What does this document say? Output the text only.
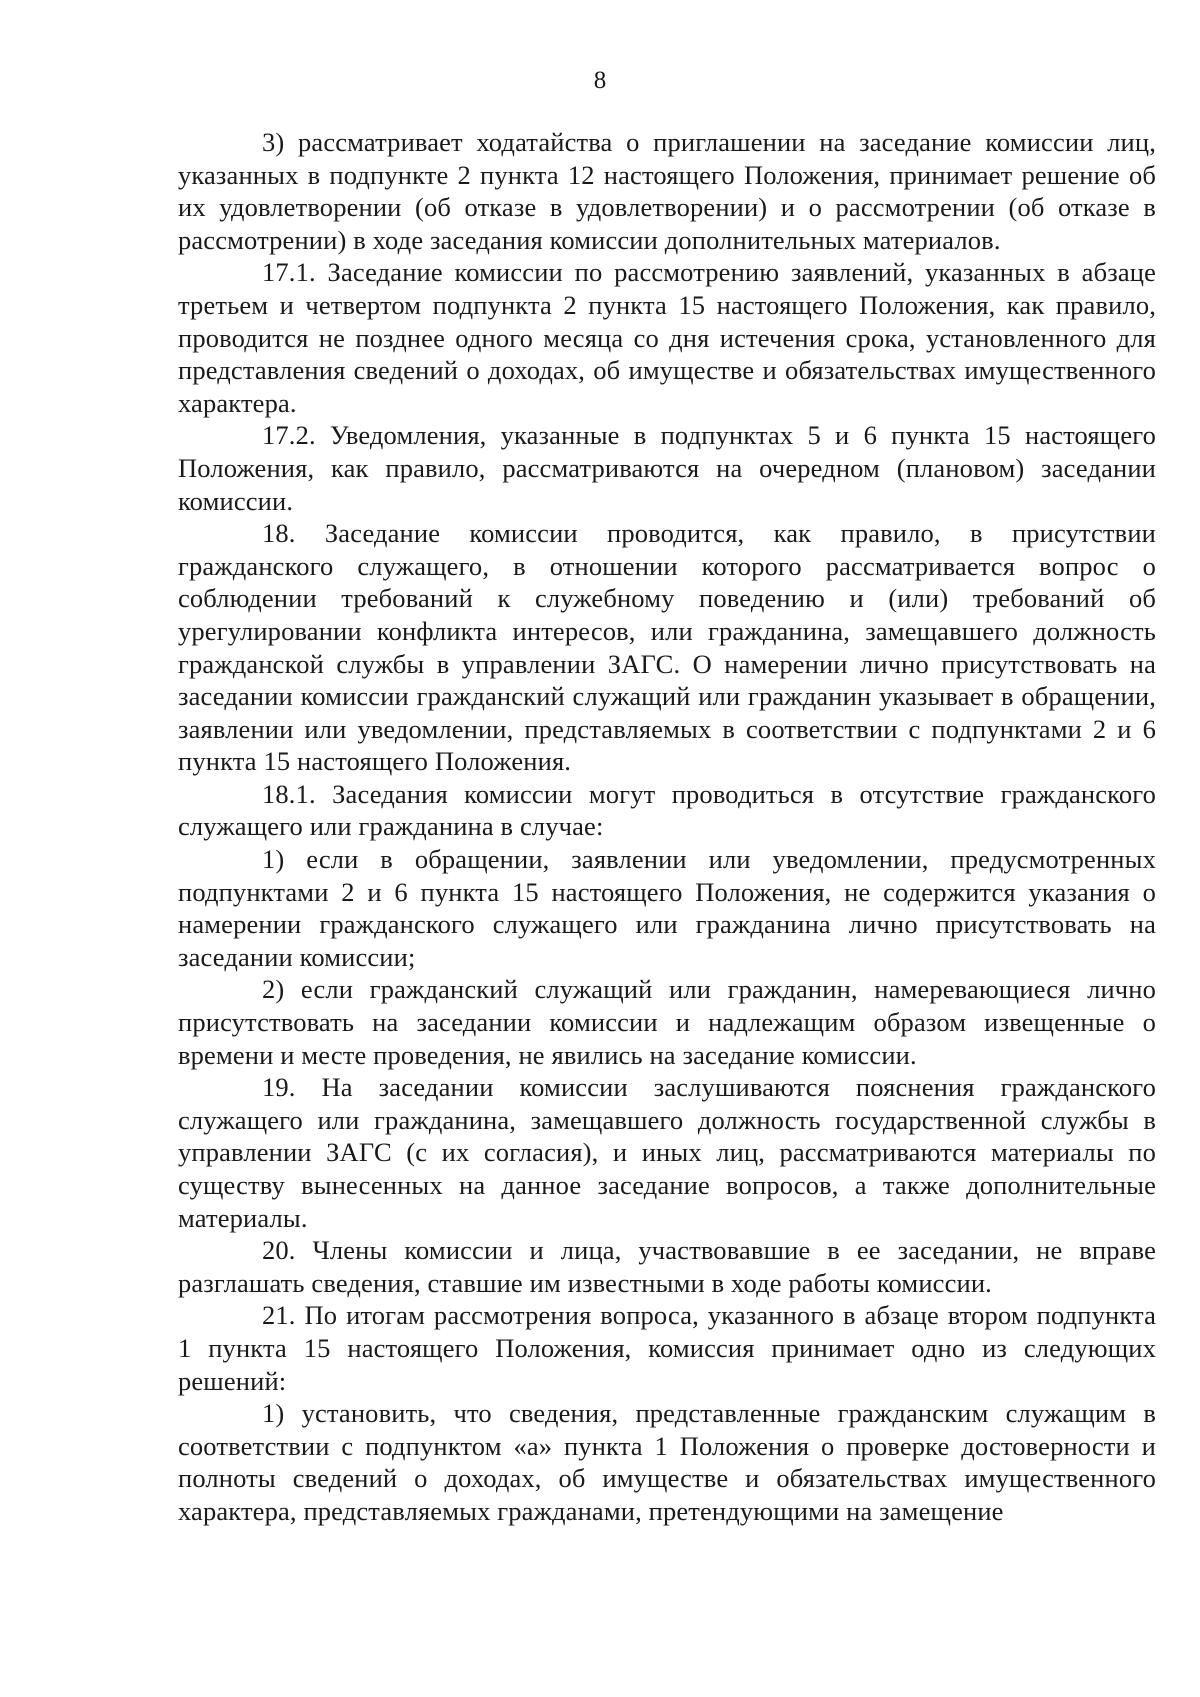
8

3) рассматривает ходатайства о приглашении на заседание комиссии лиц, указанных в подпункте 2 пункта 12 настоящего Положения, принимает решение об их удовлетворении (об отказе в удовлетворении) и о рассмотрении (об отказе в рассмотрении) в ходе заседания комиссии дополнительных материалов.

17.1. Заседание комиссии по рассмотрению заявлений, указанных в абзаце третьем и четвертом подпункта 2 пункта 15 настоящего Положения, как правило, проводится не позднее одного месяца со дня истечения срока, установленного для представления сведений о доходах, об имуществе и обязательствах имущественного характера.

17.2. Уведомления, указанные в подпунктах 5 и 6 пункта 15 настоящего Положения, как правило, рассматриваются на очередном (плановом) заседании комиссии.

18. Заседание комиссии проводится, как правило, в присутствии гражданского служащего, в отношении которого рассматривается вопрос о соблюдении требований к служебному поведению и (или) требований об урегулировании конфликта интересов, или гражданина, замещавшего должность гражданской службы в управлении ЗАГС. О намерении лично присутствовать на заседании комиссии гражданский служащий или гражданин указывает в обращении, заявлении или уведомлении, представляемых в соответствии с подпунктами 2 и 6 пункта 15 настоящего Положения.

18.1. Заседания комиссии могут проводиться в отсутствие гражданского служащего или гражданина в случае:

1) если в обращении, заявлении или уведомлении, предусмотренных подпунктами 2 и 6 пункта 15 настоящего Положения, не содержится указания о намерении гражданского служащего или гражданина лично присутствовать на заседании комиссии;

2) если гражданский служащий или гражданин, намеревающиеся лично присутствовать на заседании комиссии и надлежащим образом извещенные о времени и месте проведения, не явились на заседание комиссии.

19. На заседании комиссии заслушиваются пояснения гражданского служащего или гражданина, замещавшего должность государственной службы в управлении ЗАГС (с их согласия), и иных лиц, рассматриваются материалы по существу вынесенных на данное заседание вопросов, а также дополнительные материалы.

20. Члены комиссии и лица, участвовавшие в ее заседании, не вправе разглашать сведения, ставшие им известными в ходе работы комиссии.

21. По итогам рассмотрения вопроса, указанного в абзаце втором подпункта 1 пункта 15 настоящего Положения, комиссия принимает одно из следующих решений:

1) установить, что сведения, представленные гражданским служащим в соответствии с подпунктом «а» пункта 1 Положения о проверке достоверности и полноты сведений о доходах, об имуществе и обязательствах имущественного характера, представляемых гражданами, претендующими на замещение
